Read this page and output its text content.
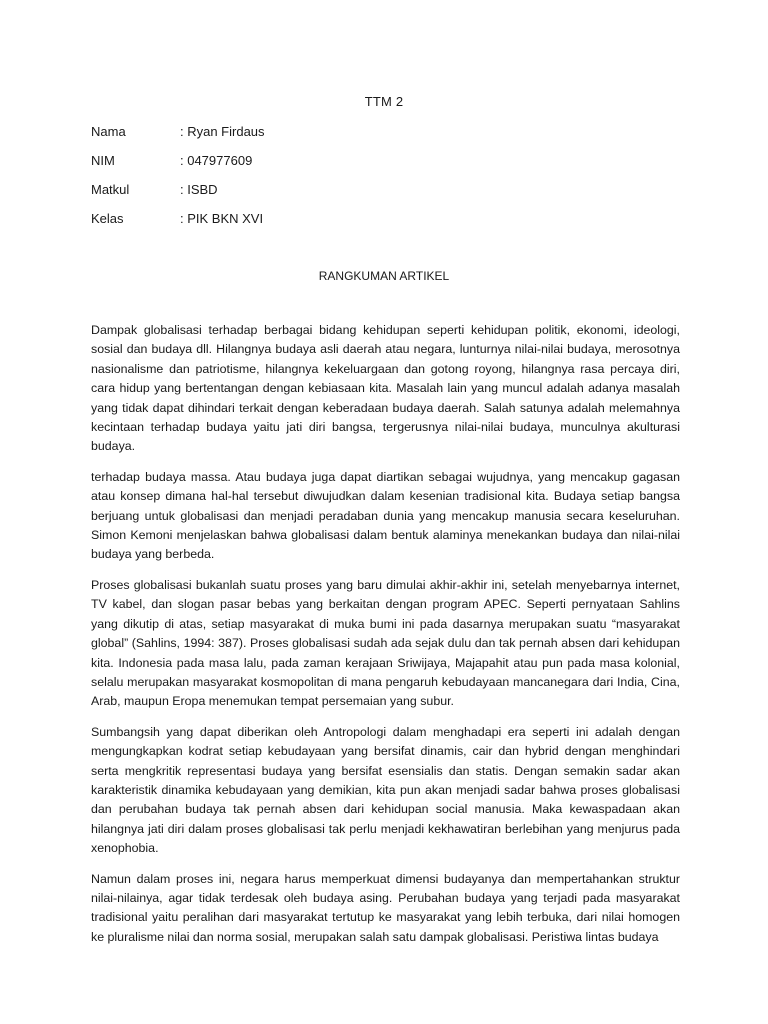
TTM 2
Nama	: Ryan Firdaus
NIM	: 047977609
Matkul	: ISBD
Kelas	: PIK BKN XVI
RANGKUMAN ARTIKEL

Dampak globalisasi terhadap berbagai bidang kehidupan seperti kehidupan politik, ekonomi, ideologi, sosial dan budaya dll. Hilangnya budaya asli daerah atau negara, lunturnya nilai-nilai budaya, merosotnya nasionalisme dan patriotisme, hilangnya kekeluargaan dan gotong royong, hilangnya rasa percaya diri, cara hidup yang bertentangan dengan kebiasaan kita. Masalah lain yang muncul adalah adanya masalah yang tidak dapat dihindari terkait dengan keberadaan budaya daerah. Salah satunya adalah melemahnya kecintaan terhadap budaya yaitu jati diri bangsa, tergerusnya nilai-nilai budaya, munculnya akulturasi budaya.

terhadap budaya massa. Atau budaya juga dapat diartikan sebagai wujudnya, yang mencakup gagasan atau konsep dimana hal-hal tersebut diwujudkan dalam kesenian tradisional kita. Budaya setiap bangsa berjuang untuk globalisasi dan menjadi peradaban dunia yang mencakup manusia secara keseluruhan. Simon Kemoni menjelaskan bahwa globalisasi dalam bentuk alaminya menekankan budaya dan nilai-nilai budaya yang berbeda.

Proses globalisasi bukanlah suatu proses yang baru dimulai akhir-akhir ini, setelah menyebarnya internet, TV kabel, dan slogan pasar bebas yang berkaitan dengan program APEC. Seperti pernyataan Sahlins yang dikutip di atas, setiap masyarakat di muka bumi ini pada dasarnya merupakan suatu “masyarakat global” (Sahlins, 1994: 387). Proses globalisasi sudah ada sejak dulu dan tak pernah absen dari kehidupan kita. Indonesia pada masa lalu, pada zaman kerajaan Sriwijaya, Majapahit atau pun pada masa kolonial, selalu merupakan masyarakat kosmopolitan di mana pengaruh kebudayaan mancanegara dari India, Cina, Arab, maupun Eropa menemukan tempat persemaian yang subur.

Sumbangsih yang dapat diberikan oleh Antropologi dalam menghadapi era seperti ini adalah dengan mengungkapkan kodrat setiap kebudayaan yang bersifat dinamis, cair dan hybrid dengan menghindari serta mengkritik representasi budaya yang bersifat esensialis dan statis. Dengan semakin sadar akan karakteristik dinamika kebudayaan yang demikian, kita pun akan menjadi sadar bahwa proses globalisasi dan perubahan budaya tak pernah absen dari kehidupan social manusia. Maka kewaspadaan akan hilangnya jati diri dalam proses globalisasi tak perlu menjadi kekhawatiran berlebihan yang menjurus pada xenophobia.

Namun dalam proses ini, negara harus memperkuat dimensi budayanya dan mempertahankan struktur nilai-nilainya, agar tidak terdesak oleh budaya asing. Perubahan budaya yang terjadi pada masyarakat tradisional yaitu peralihan dari masyarakat tertutup ke masyarakat yang lebih terbuka, dari nilai homogen ke pluralisme nilai dan norma sosial, merupakan salah satu dampak globalisasi. Peristiwa lintas budaya
